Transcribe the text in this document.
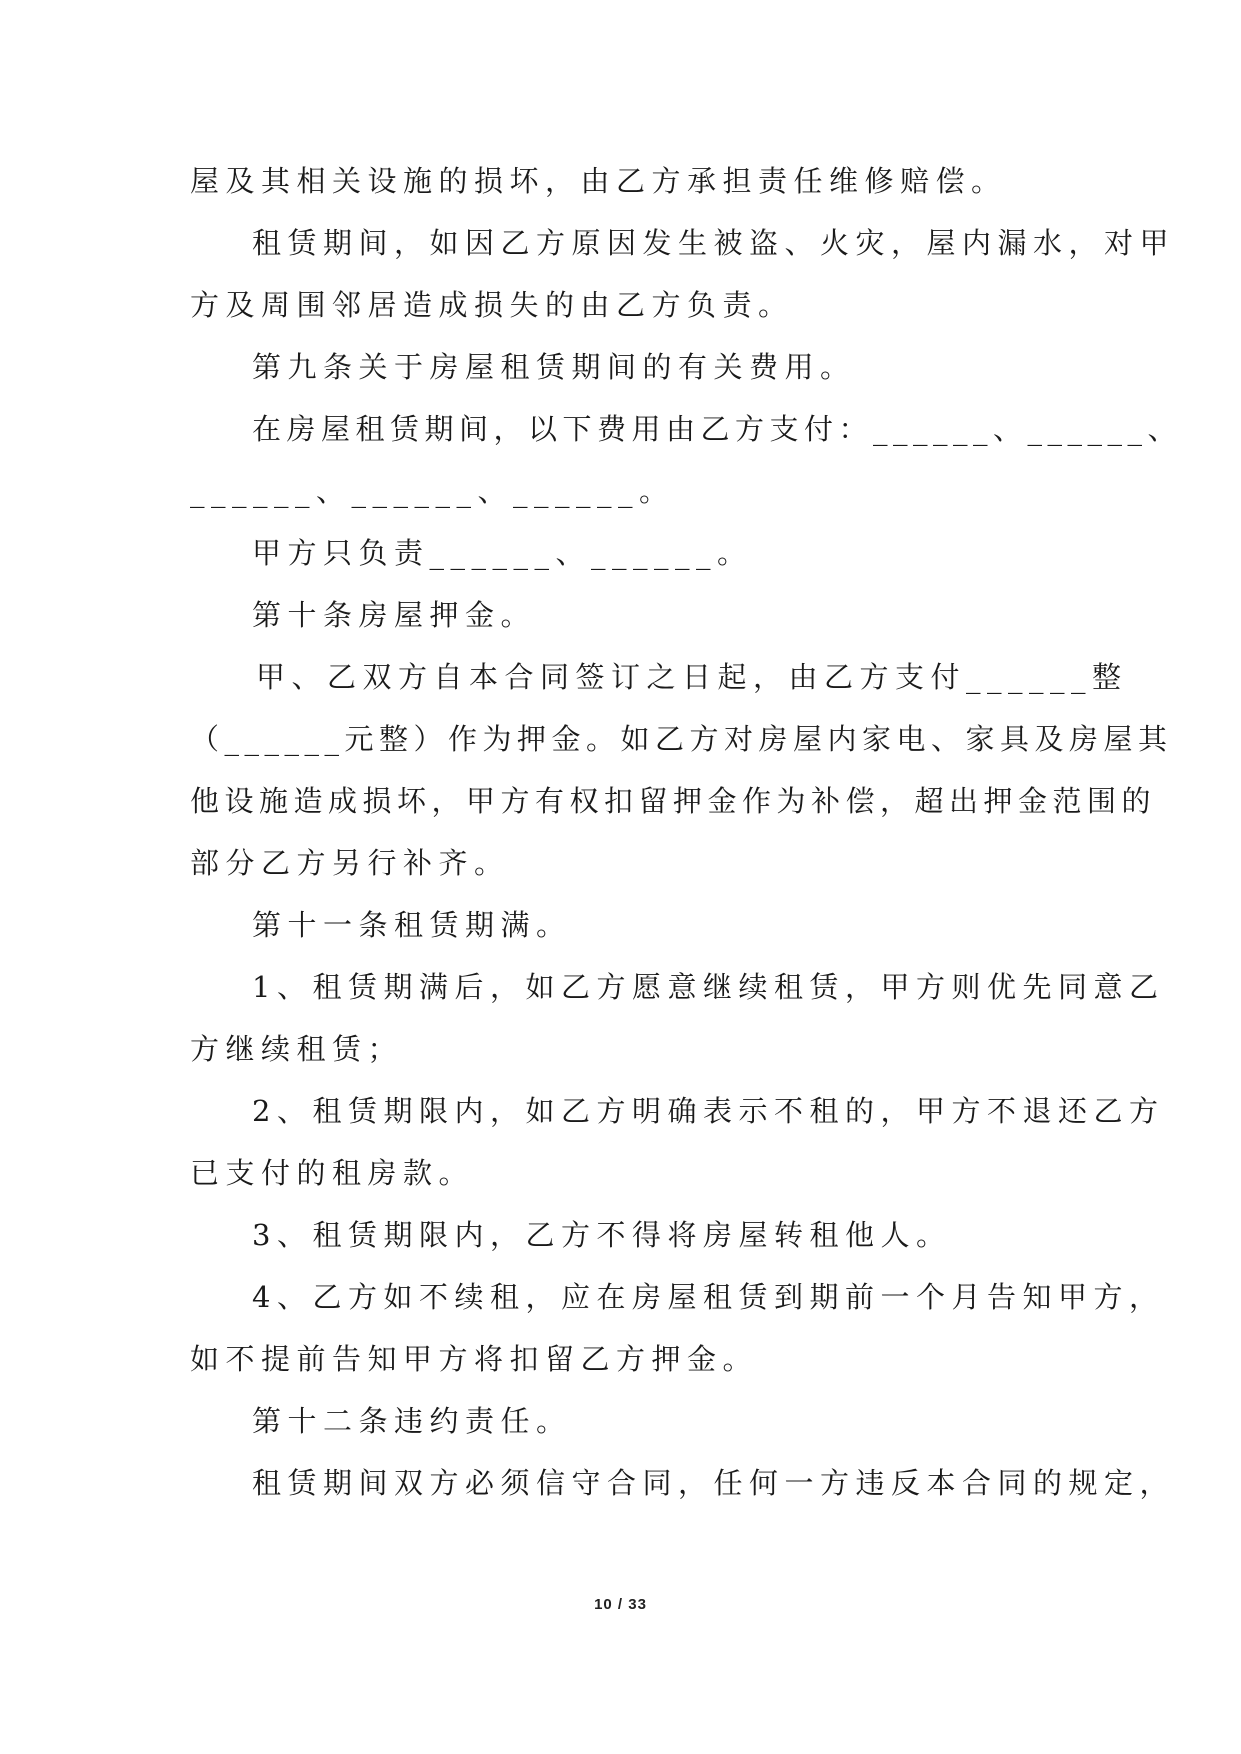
屋及其相关设施的损坏，由乙方承担责任维修赔偿。
租赁期间，如因乙方原因发生被盗、火灾，屋内漏水，对甲
方及周围邻居造成损失的由乙方负责。
第九条关于房屋租赁期间的有关费用。
在房屋租赁期间，以下费用由乙方支付：______、______、
______、______、______。
甲方只负责______、______。
第十条房屋押金。
甲、乙双方自本合同签订之日起，由乙方支付______整
（______元整）作为押金。如乙方对房屋内家电、家具及房屋其
他设施造成损坏，甲方有权扣留押金作为补偿，超出押金范围的
部分乙方另行补齐。
第十一条租赁期满。
1、租赁期满后，如乙方愿意继续租赁，甲方则优先同意乙
方继续租赁；
2、租赁期限内，如乙方明确表示不租的，甲方不退还乙方
已支付的租房款。
3、租赁期限内，乙方不得将房屋转租他人。
4、乙方如不续租，应在房屋租赁到期前一个月告知甲方，
如不提前告知甲方将扣留乙方押金。
第十二条违约责任。
租赁期间双方必须信守合同，任何一方违反本合同的规定，
10 / 33
